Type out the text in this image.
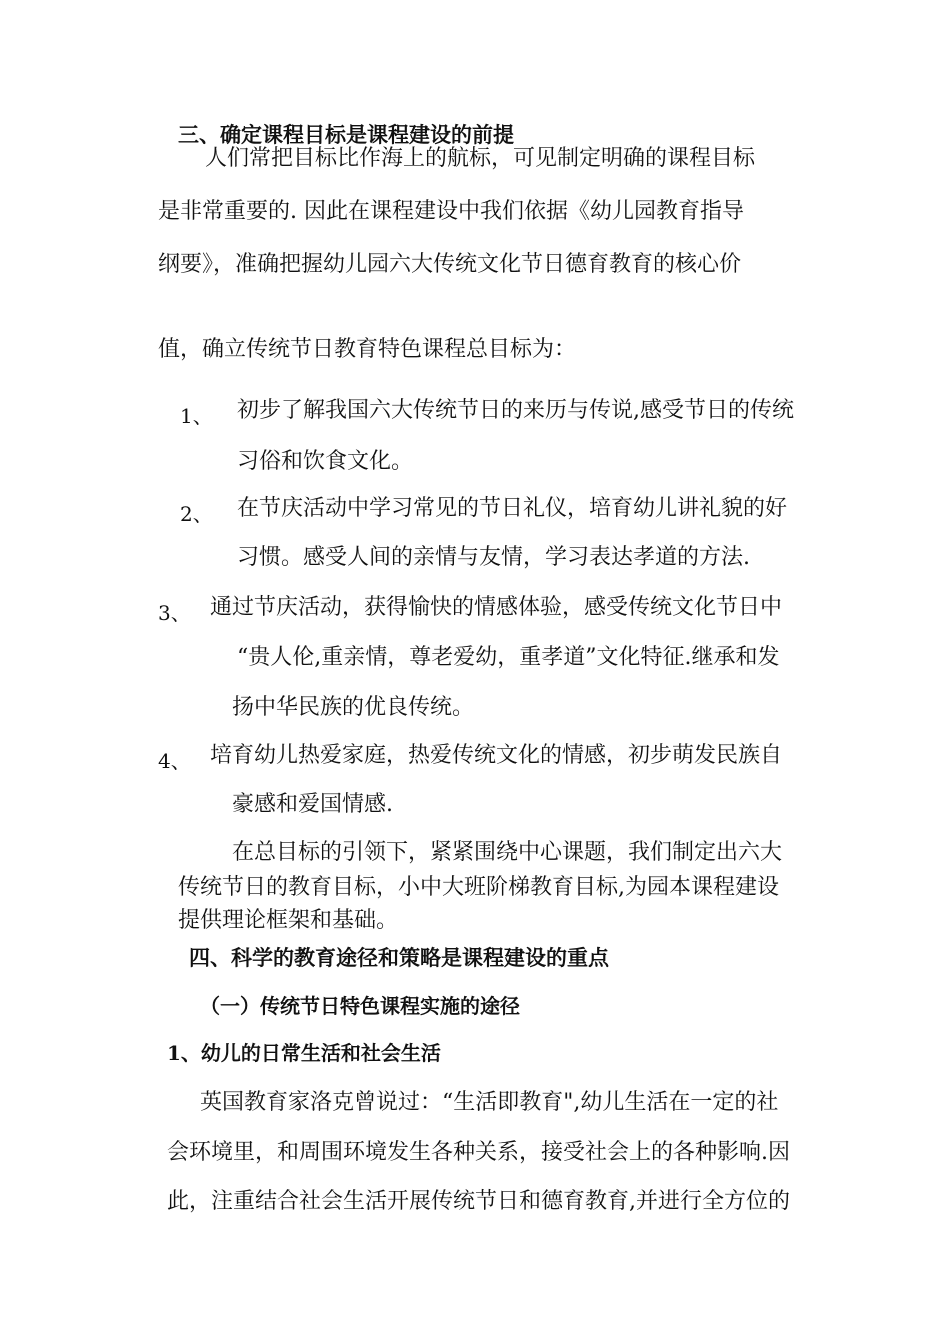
三、确定课程目标是课程建设的前提
人们常把目标比作海上的航标，可见制定明确的课程目标
是非常重要的. 因此在课程建设中我们依据《幼儿园教育指导
纲要》，准确把握幼儿园六大传统文化节日德育教育的核心价
值，确立传统节日教育特色课程总目标为：
1、 初步了解我国六大传统节日的来历与传说,感受节日的传统
习俗和饮食文化。
2、 在节庆活动中学习常见的节日礼仪，培育幼儿讲礼貌的好
习惯。感受人间的亲情与友情，学习表达孝道的方法.
3、 通过节庆活动，获得愉快的情感体验，感受传统文化节日中
“贵人伦,重亲情，尊老爱幼，重孝道”文化特征.继承和发
扬中华民族的优良传统。
4、 培育幼儿热爱家庭，热爱传统文化的情感，初步萌发民族自
豪感和爱国情感.
在总目标的引领下，紧紧围绕中心课题，我们制定出六大
传统节日的教育目标，小中大班阶梯教育目标,为园本课程建设
提供理论框架和基础。
四、科学的教育途径和策略是课程建设的重点
（一）传统节日特色课程实施的途径
1、幼儿的日常生活和社会生活
英国教育家洛克曾说过：“生活即教育",幼儿生活在一定的社
会环境里，和周围环境发生各种关系，接受社会上的各种影响.因
此，注重结合社会生活开展传统节日和德育教育,并进行全方位的
